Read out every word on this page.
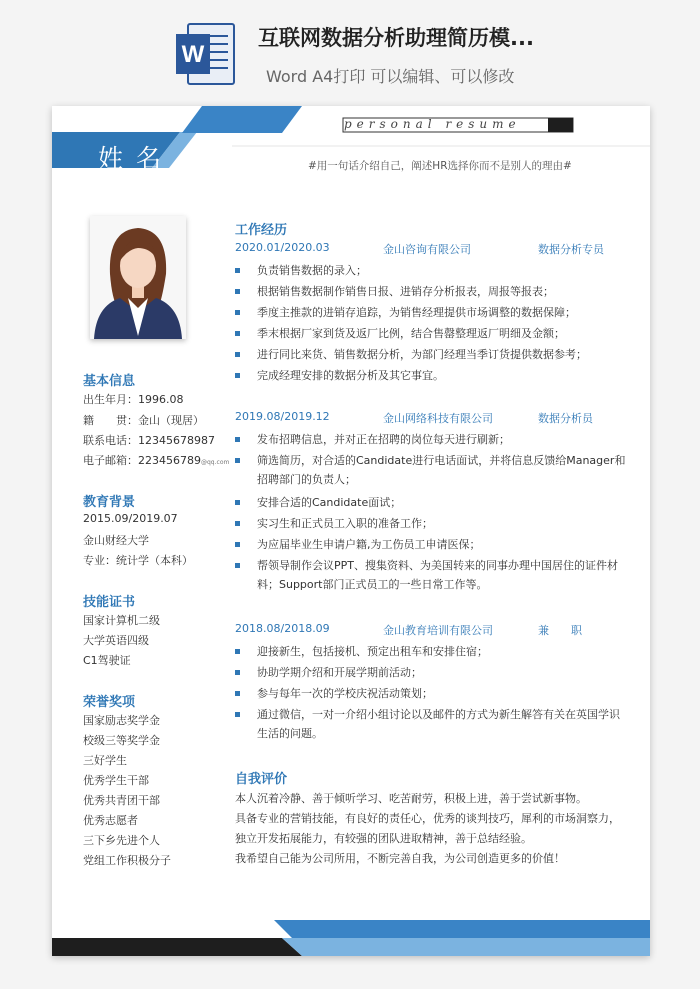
W
互联网数据分析助理简历模...
Word A4打印 可以编辑、可以修改
姓名
personal resume
#用一句话介绍自己，阐述HR选择你而不是别人的理由#
基本信息
出生年月：1996.08
籍　　贯：金山（现居）
联系电话：12345678987
电子邮箱：223456789@qq.com
教育背景
2015.09/2019.07
金山财经大学
专业：统计学（本科）
技能证书
国家计算机二级
大学英语四级
C1驾驶证
荣誉奖项
国家励志奖学金
校级三等奖学金
三好学生
优秀学生干部
优秀共青团干部
优秀志愿者
三下乡先进个人
党组工作积极分子
工作经历
2020.01/2020.03	金山咨询有限公司	数据分析专员
负责销售数据的录入；
根据销售数据制作销售日报、进销存分析报表，周报等报表；
季度主推款的进销存追踪，为销售经理提供市场调整的数据保障；
季末根据厂家到货及返厂比例，结合售罄整理返厂明细及金额；
进行同比来货、销售数据分析，为部门经理当季订货提供数据参考；
完成经理安排的数据分析及其它事宜。
2019.08/2019.12	金山网络科技有限公司	数据分析员
发布招聘信息，并对正在招聘的岗位每天进行刷新；
筛选简历，对合适的Candidate进行电话面试，并将信息反馈给Manager和招聘部门的负责人；
安排合适的Candidate面试；
实习生和正式员工入职的准备工作；
为应届毕业生申请户籍,为工伤员工申请医保；
帮领导制作会议PPT、搜集资料、为美国转来的同事办理中国居住的证件材料；Support部门正式员工的一些日常工作等。
2018.08/2018.09	金山教育培训有限公司	兼　　职
迎接新生，包括接机、预定出租车和安排住宿；
协助学期介绍和开展学期前活动；
参与每年一次的学校庆祝活动策划；
通过微信，一对一介绍小组讨论以及邮件的方式为新生解答有关在英国学识生活的问题。
自我评价

本人沉着冷静、善于倾听学习、吃苦耐劳，积极上进，善于尝试新事物。

具备专业的营销技能，有良好的责任心，优秀的谈判技巧，犀利的市场洞察力，独立开发拓展能力，有较强的团队进取精神，善于总结经验。

我希望自己能为公司所用，不断完善自我，为公司创造更多的价值！
